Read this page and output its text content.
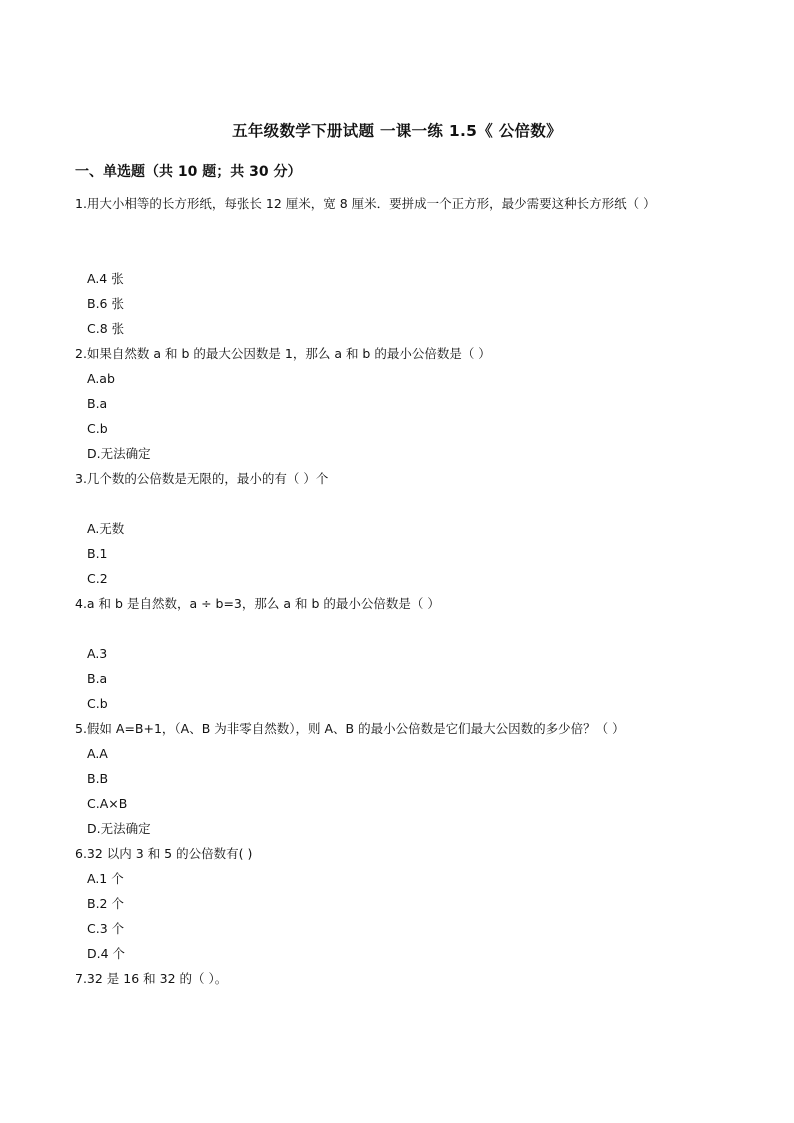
五年级数学下册试题 一课一练 1.5《 公倍数》
一、单选题（共 10 题；共 30 分）
1.用大小相等的长方形纸，每张长 12 厘米，宽 8 厘米．要拼成一个正方形，最少需要这种长方形纸（ ）
A.4 张
B.6 张
C.8 张
2.如果自然数 a 和 b 的最大公因数是 1，那么 a 和 b 的最小公倍数是（ ）
A.ab
B.a
C.b
D.无法确定
3.几个数的公倍数是无限的，最小的有（ ）个
A.无数
B.1
C.2
4.a 和 b 是自然数，a ÷ b=3，那么 a 和 b 的最小公倍数是（ ）
A.3
B.a
C.b
5.假如 A=B+1，（A、B 为非零自然数），则 A、B 的最小公倍数是它们最大公因数的多少倍？（ ）
A.A
B.B
C.A×B
D.无法确定
6.32 以内 3 和 5 的公倍数有( )
A.1 个
B.2 个
C.3 个
D.4 个
7.32 是 16 和 32 的（ ）。
